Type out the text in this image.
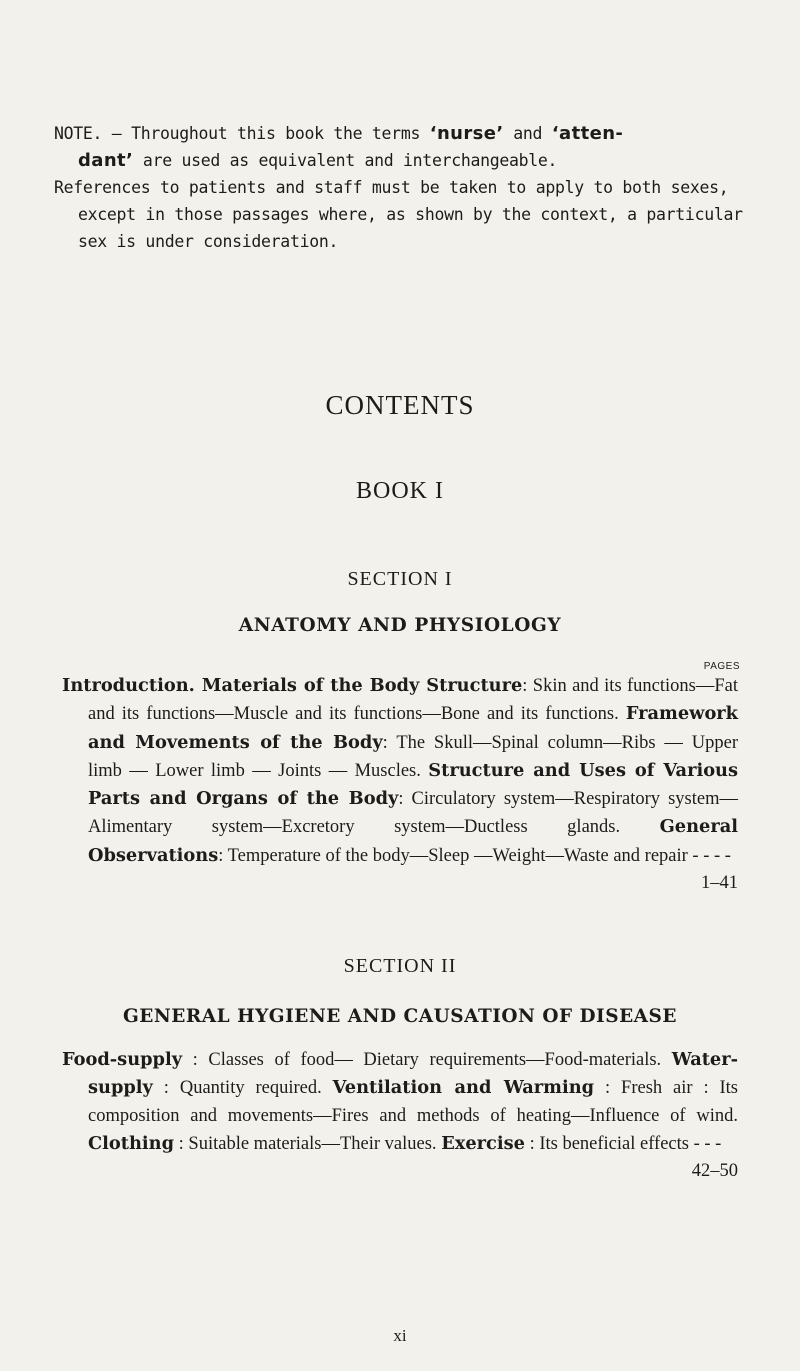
NOTE. — Throughout this book the terms ‘nurse’ and ‘atten-
dant’ are used as equivalent and interchangeable.

References to patients and staff must be taken to apply to both sexes, except in those passages where, as shown by the context, a particular sex is under consideration.

CONTENTS
BOOK I
SECTION I
ANATOMY AND PHYSIOLOGY
PAGES

Introduction. Materials of the Body Structure: Skin and its functions—Fat and its functions—Muscle and its functions—Bone and its functions. Framework and Movements of the Body: The Skull—Spinal column—Ribs — Upper limb — Lower limb — Joints — Muscles. Structure and Uses of Various Parts and Organs of the Body: Circulatory system—Respiratory system—Alimentary system—Excretory system—Ductless glands. General Observations: Temperature of the body—Sleep —Weight—Waste and repair - - - -
1–41

SECTION II
GENERAL HYGIENE AND CAUSATION OF DISEASE

Food-supply : Classes of food— Dietary requirements—Food-materials. Water-supply : Quantity required. Ventilation and Warming : Fresh air : Its composition and movements—Fires and methods of heating—Influence of wind. Clothing : Suitable materials—Their values. Exercise : Its beneficial effects - - -
42–50

xi
